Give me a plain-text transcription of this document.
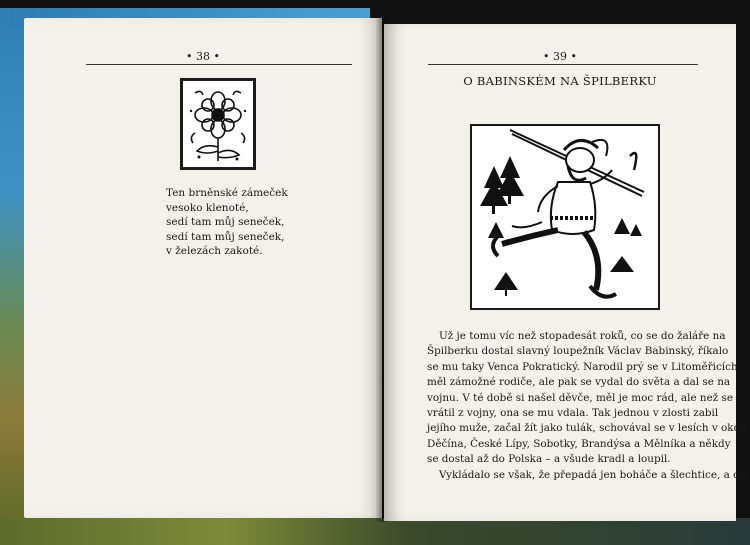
• 38 •
Ten brněnské zámeček
vesoko klenoté,
sedí tam můj seneček,
sedí tam můj seneček,
v železách zakoté.
• 39 •
O BABINSKÉM NA ŠPILBERKU
Už je tomu víc než stopadesát roků, co se do žaláře na
Špilberku dostal slavný loupežník Václav Babinský, říkalo
se mu taky Venca Pokratický. Narodil prý se v Litoměřicích,
měl zámožné rodiče, ale pak se vydal do světa a dal se na
vojnu. V té době si našel děvče, měl je moc rád, ale než se
vrátil z vojny, ona se mu vdala. Tak jednou v zlosti zabil
jejího muže, začal žít jako tulák, schovával se v lesích v okolí
Děčína, České Lípy, Sobotky, Brandýsa a Mělníka a někdy
se dostal až do Polska – a všude kradl a loupil.
Vykládalo se však, že přepadá jen boháče a šlechtice, a co
